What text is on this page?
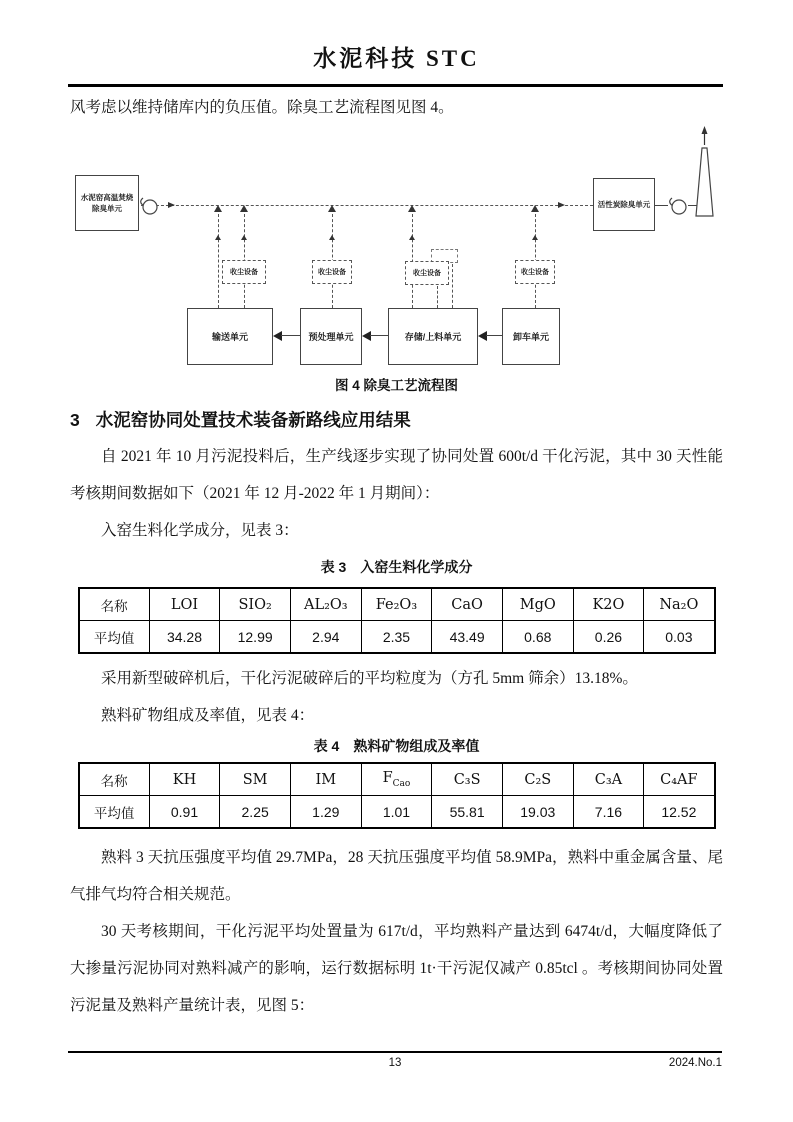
水泥科技 STC

风考虑以维持储库内的负压值。除臭工艺流程图见图 4。

水泥窑高温焚烧
除臭单元
收尘设备	收尘设备	收尘设备	收尘设备
输送单元	预处理单元	存储/上料单元	卸车单元
活性炭除臭单元
图 4 除臭工艺流程图
3 水泥窑协同处置技术装备新路线应用结果

自 2021 年 10 月污泥投料后，生产线逐步实现了协同处置 600t/d 干化污泥，其中 30 天性能考核期间数据如下（2021 年 12 月-2022 年 1 月期间）：

入窑生料化学成分，见表 3：

表 3　入窑生料化学成分
名称	LOI	SIO₂	AL₂O₃	Fe₂O₃	CaO	MgO	K2O	Na₂O
平均值	34.28	12.99	2.94	2.35	43.49	0.68	0.26	0.03

采用新型破碎机后，干化污泥破碎后的平均粒度为（方孔 5mm 筛余）13.18%。

熟料矿物组成及率值，见表 4：

表 4　熟料矿物组成及率值
名称	KH	SM	IM	$F_{Cao}$	C₃S	C₂S	C₃A	C₄AF
平均值	0.91	2.25	1.29	1.01	55.81	19.03	7.16	12.52

熟料 3 天抗压强度平均值 29.7MPa，28 天抗压强度平均值 58.9MPa，熟料中重金属含量、尾气排气均符合相关规范。

30 天考核期间，干化污泥平均处置量为 617t/d，平均熟料产量达到 6474t/d，大幅度降低了大掺量污泥协同对熟料减产的影响，运行数据标明 1t·干污泥仅减产 0.85tcl 。考核期间协同处置污泥量及熟料产量统计表，见图 5：

13	2024.No.1
